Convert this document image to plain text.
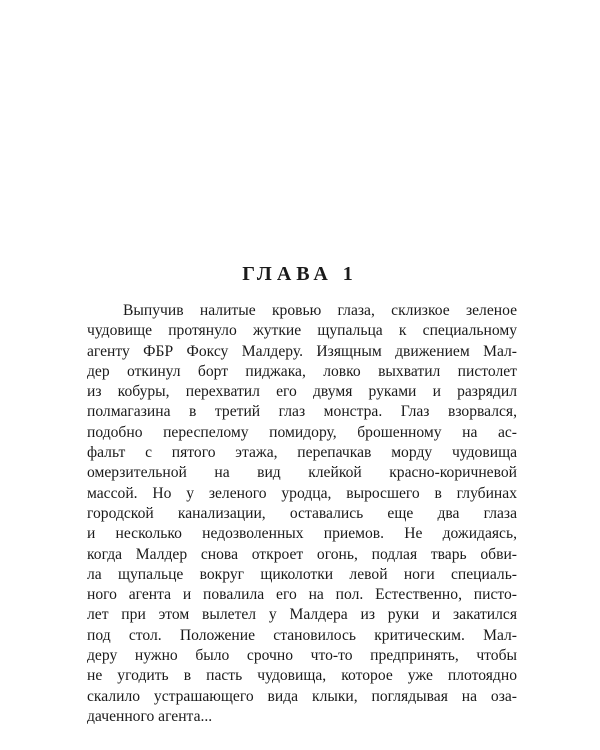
ГЛАВА 1

Выпучив налитые кровью глаза, склизкое зеленое
чудовище протянуло жуткие щупальца к специальному
агенту ФБР Фоксу Малдеру. Изящным движением Мал-
дер откинул борт пиджака, ловко выхватил пистолет
из кобуры, перехватил его двумя руками и разрядил
полмагазина в третий глаз монстра. Глаз взорвался,
подобно переспелому помидору, брошенному на ас-
фальт с пятого этажа, перепачкав морду чудовища
омерзительной на вид клейкой красно-коричневой
массой. Но у зеленого уродца, выросшего в глубинах
городской канализации, оставались еще два глаза
и несколько недозволенных приемов. Не дожидаясь,
когда Малдер снова откроет огонь, подлая тварь обви-
ла щупальце вокруг щиколотки левой ноги специаль-
ного агента и повалила его на пол. Естественно, писто-
лет при этом вылетел у Малдера из руки и закатился
под стол. Положение становилось критическим. Мал-
деру нужно было срочно что-то предпринять, чтобы
не угодить в пасть чудовища, которое уже плотоядно
скалило устрашающего вида клыки, поглядывая на оза-
даченного агента...
